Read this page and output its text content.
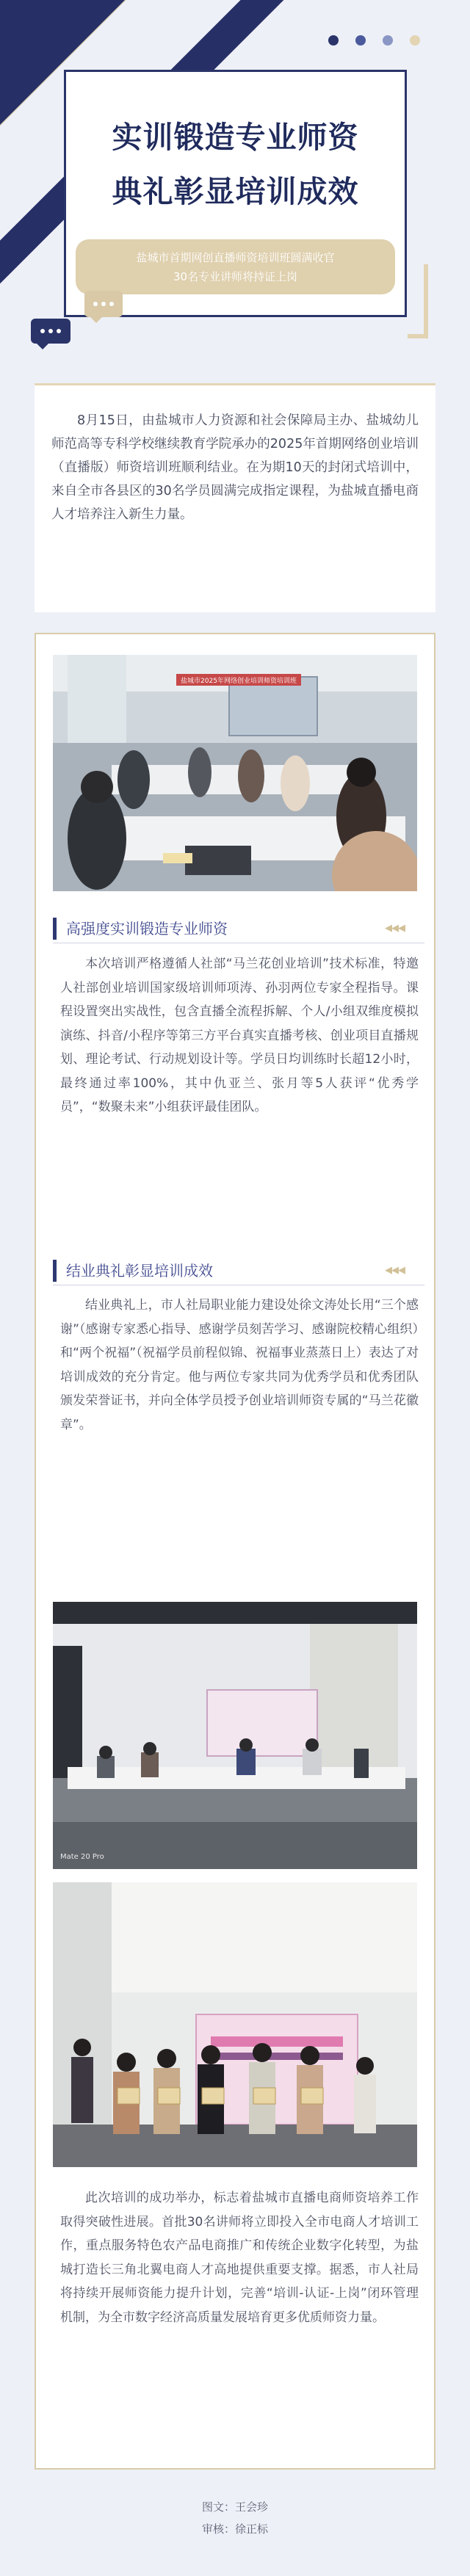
实训锻造专业师资
典礼彰显培训成效
盐城市首期网创直播师资培训班圆满收官
30名专业讲师将持证上岗
8月15日，由盐城市人力资源和社会保障局主办、盐城幼儿师范高等专科学校继续教育学院承办的2025年首期网络创业培训（直播版）师资培训班顺利结业。在为期10天的封闭式培训中，来自全市各县区的30名学员圆满完成指定课程，为盐城直播电商人才培养注入新生力量。
盐城市2025年网络创业培训师资培训班
高强度实训锻造专业师资	◀◀◀
本次培训严格遵循人社部“马兰花创业培训”技术标准，特邀人社部创业培训国家级培训师项涛、孙羽两位专家全程指导。课程设置突出实战性，包含直播全流程拆解、个人/小组双维度模拟演练、抖音/小程序等第三方平台真实直播考核、创业项目直播规划、理论考试、行动规划设计等。学员日均训练时长超12小时，最终通过率100%，其中仇亚兰、张月等5人获评“优秀学员”，“数聚未来”小组获评最佳团队。
结业典礼彰显培训成效	◀◀◀
结业典礼上，市人社局职业能力建设处徐文涛处长用“三个感谢”（感谢专家悉心指导、感谢学员刻苦学习、感谢院校精心组织）和“两个祝福”（祝福学员前程似锦、祝福事业蒸蒸日上）表达了对培训成效的充分肯定。他与两位专家共同为优秀学员和优秀团队颁发荣誉证书，并向全体学员授予创业培训师资专属的“马兰花徽章”。
Mate 20 Pro
此次培训的成功举办，标志着盐城市直播电商师资培养工作取得突破性进展。首批30名讲师将立即投入全市电商人才培训工作，重点服务特色农产品电商推广和传统企业数字化转型，为盐城打造长三角北翼电商人才高地提供重要支撑。据悉，市人社局将持续开展师资能力提升计划，完善“培训-认证-上岗”闭环管理机制，为全市数字经济高质量发展培育更多优质师资力量。
图文：王会珍
审核：徐正标
